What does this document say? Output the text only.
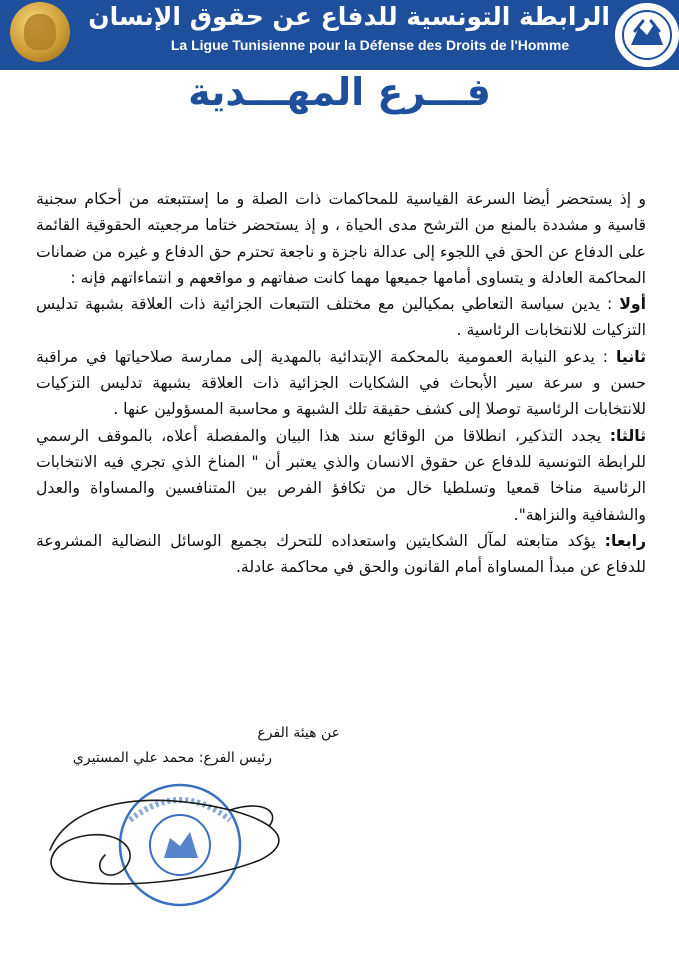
الرابطة التونسية للدفاع عن حقوق الإنسان
La Ligue Tunisienne pour la Défense des Droits de l'Homme
فـــرع المهـــدية

و إذ يستحضر أيضا السرعة القياسية للمحاكمات ذات الصلة و ما إستتبعته من أحكام سجنية قاسية و مشددة بالمنع من الترشح مدى الحياة ، و إذ يستحضر ختاما مرجعيته الحقوقية القائمة على الدفاع عن الحق في اللجوء إلى عدالة ناجزة و ناجعة تحترم حق الدفاع و غيره من ضمانات المحاكمة العادلة و يتساوى أمامها جميعها مهما كانت صفاتهم و مواقعهم و انتماءاتهم فإنه :

أولا : يدين سياسة التعاطي بمكيالين مع مختلف التتبعات الجزائية ذات العلاقة بشبهة تدليس التزكيات للانتخابات الرئاسية .

ثانيا : يدعو النيابة العمومية بالمحكمة الإبتدائية بالمهدية إلى ممارسة صلاحياتها في مراقبة حسن و سرعة سير الأبحاث في الشكايات الجزائية ذات العلاقة بشبهة تدليس التزكيات للانتخابات الرئاسية توصلا إلى كشف حقيقة تلك الشبهة و محاسبة المسؤولين عنها .

ثالثا: يجدد التذكير، انطلاقا من الوقائع سند هذا البيان والمفصلة أعلاه، بالموقف الرسمي للرابطة التونسية للدفاع عن حقوق الانسان والذي يعتبر أن " المناخ الذي تجري فيه الانتخابات الرئاسية مناخا قمعيا وتسلطيا خال من تكافؤ الفرص بين المتنافسين والمساواة والعدل والشفافية والنزاهة".

رابعا: يؤكد متابعته لمآل الشكايتين واستعداده للتحرك بجميع الوسائل النضالية المشروعة للدفاع عن مبدأ المساواة أمام القانون والحق في محاكمة عادلة.

عن هيئة الفرع
رئيس الفرع: محمد علي المستيري
